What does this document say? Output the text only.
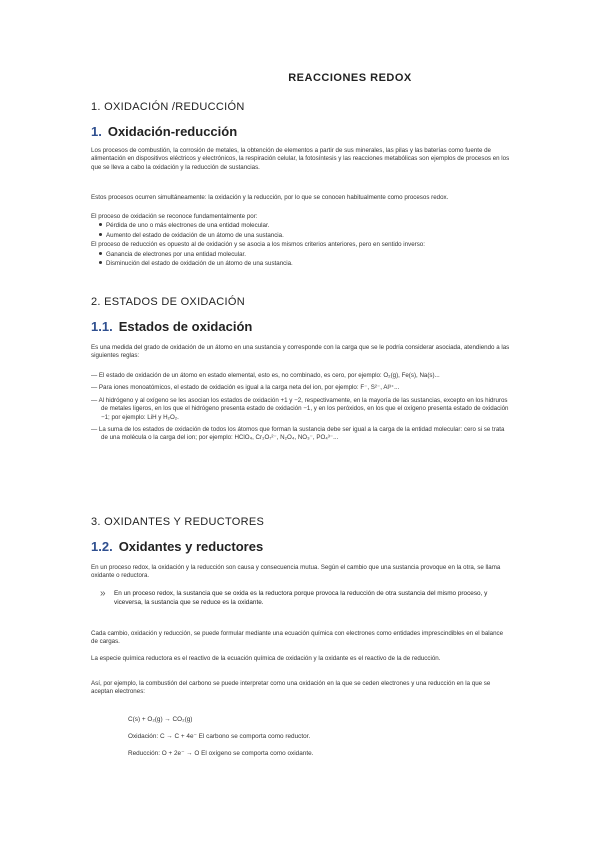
REACCIONES REDOX
1. OXIDACIÓN /REDUCCIÓN
1. Oxidación-reducción
Los procesos de combustión, la corrosión de metales, la obtención de elementos a partir de sus minerales, las pilas y las baterías como fuente de alimentación en dispositivos eléctricos y electrónicos, la respiración celular, la fotosíntesis y las reacciones metabólicas son ejemplos de procesos en los que se lleva a cabo la oxidación y la reducción de sustancias.
Estos procesos ocurren simultáneamente: la oxidación y la reducción, por lo que se conocen habitualmente como procesos redox.
El proceso de oxidación se reconoce fundamentalmente por:
Pérdida de uno o más electrones de una entidad molecular.
Aumento del estado de oxidación de un átomo de una sustancia.
El proceso de reducción es opuesto al de oxidación y se asocia a los mismos criterios anteriores, pero en sentido inverso:
Ganancia de electrones por una entidad molecular.
Disminución del estado de oxidación de un átomo de una sustancia.
2. ESTADOS DE OXIDACIÓN
1.1. Estados de oxidación
Es una medida del grado de oxidación de un átomo en una sustancia y corresponde con la carga que se le podría considerar asociada, atendiendo a las siguientes reglas:
— El estado de oxidación de un átomo en estado elemental, esto es, no combinado, es cero, por ejemplo: O₂(g), Fe(s), Na(s)...
— Para iones monoatómicos, el estado de oxidación es igual a la carga neta del ion, por ejemplo: F⁻, S²⁻, Al³⁺...
— Al hidrógeno y al oxígeno se les asocian los estados de oxidación +1 y −2, respectivamente, en la mayoría de las sustancias, excepto en los hidruros de metales ligeros, en los que el hidrógeno presenta estado de oxidación −1, y en los peróxidos, en los que el oxígeno presenta estado de oxidación −1; por ejemplo: LiH y H₂O₂.
— La suma de los estados de oxidación de todos los átomos que forman la sustancia debe ser igual a la carga de la entidad molecular: cero si se trata de una molécula o la carga del ion; por ejemplo: HClO₄, Cr₂O₇²⁻, N₂O₄, NO₃⁻, PO₄³⁻...
3. OXIDANTES Y REDUCTORES
1.2. Oxidantes y reductores
En un proceso redox, la oxidación y la reducción son causa y consecuencia mutua. Según el cambio que una sustancia provoque en la otra, se llama oxidante o reductora.
» En un proceso redox, la sustancia que se oxida es la reductora porque provoca la reducción de otra sustancia del mismo proceso, y viceversa, la sustancia que se reduce es la oxidante.
Cada cambio, oxidación y reducción, se puede formular mediante una ecuación química con electrones como entidades imprescindibles en el balance de cargas.
La especie química reductora es el reactivo de la ecuación química de oxidación y la oxidante es el reactivo de la de reducción.
Así, por ejemplo, la combustión del carbono se puede interpretar como una oxidación en la que se ceden electrones y una reducción en la que se aceptan electrones:
C(s) + O₂(g) → CO₂(g)
Oxidación: C → C + 4e⁻ El carbono se comporta como reductor.
Reducción: O + 2e⁻ → O El oxígeno se comporta como oxidante.
